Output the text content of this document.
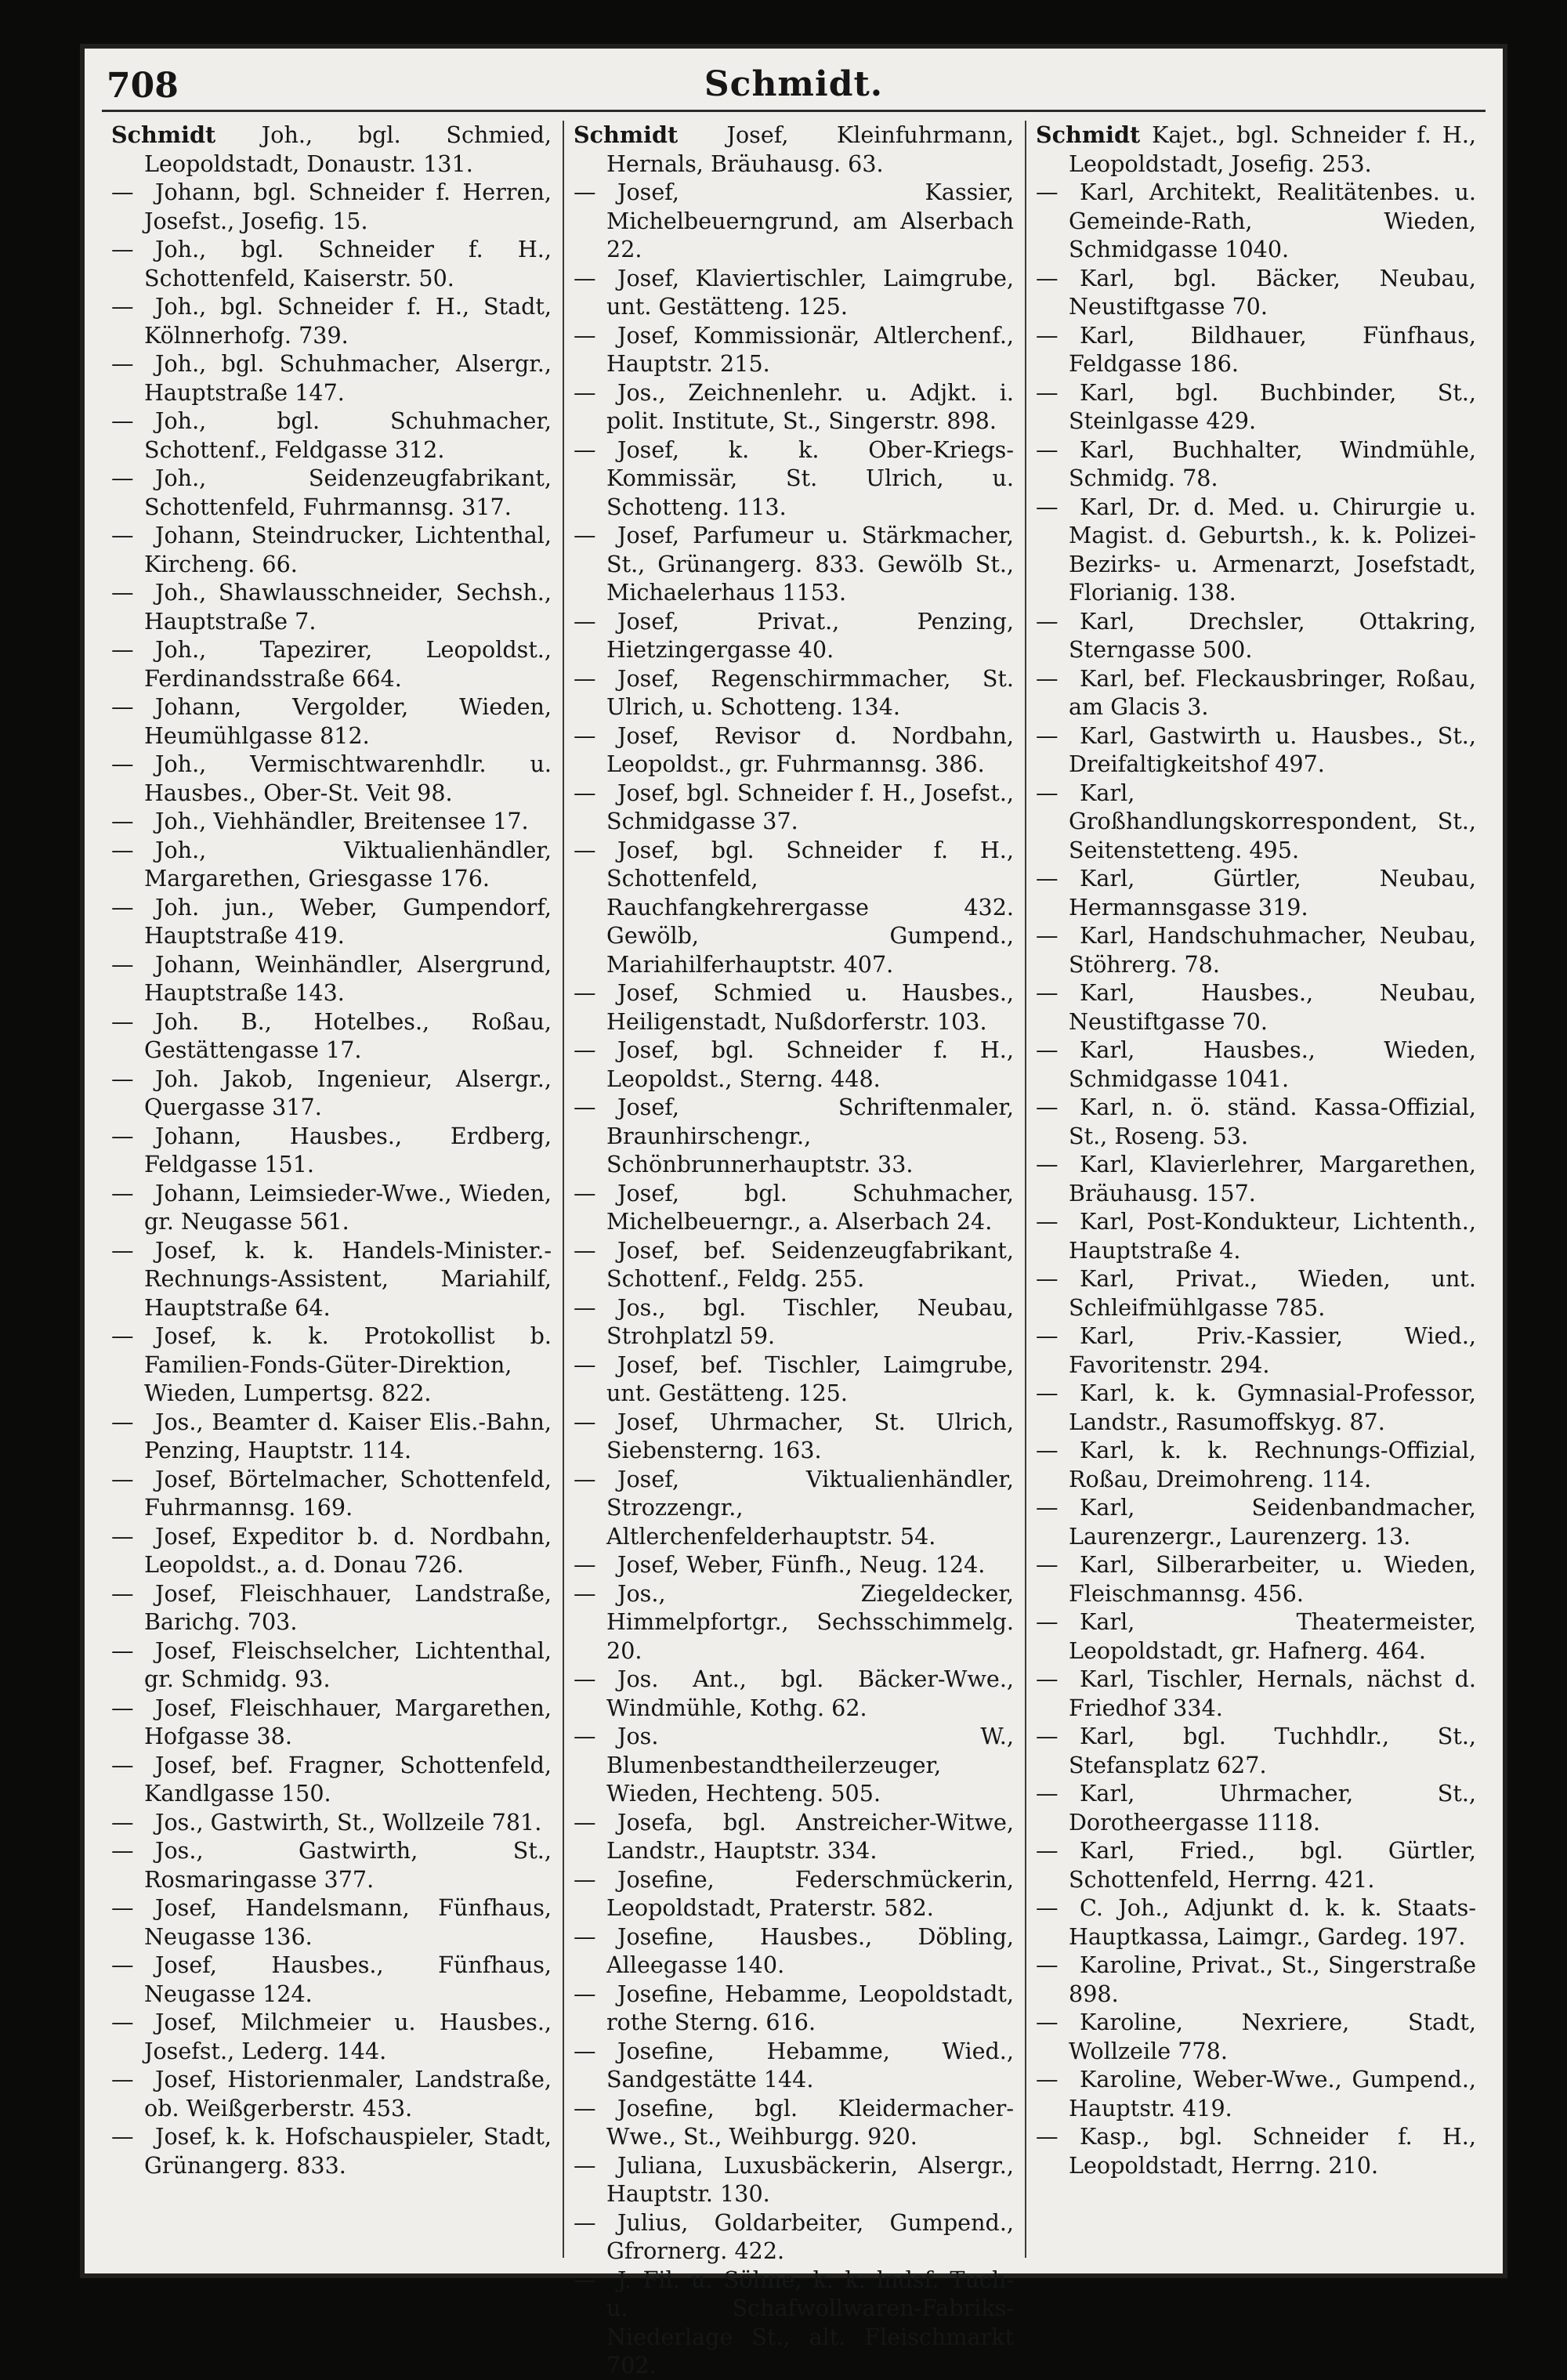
708	Schmidt.
Schmidt Joh., bgl. Schmied, Leopoldstadt, Donaustr. 131.
— Johann, bgl. Schneider f. Herren, Josefst., Josefig. 15.
— Joh., bgl. Schneider f. H., Schottenfeld, Kaiserstr. 50.
— Joh., bgl. Schneider f. H., Stadt, Kölnnerhofg. 739.
— Joh., bgl. Schuhmacher, Alsergr., Hauptstraße 147.
— Joh., bgl. Schuhmacher, Schottenf., Feldgasse 312.
— Joh., Seidenzeugfabrikant, Schottenfeld, Fuhrmannsg. 317.
— Johann, Steindrucker, Lichtenthal, Kircheng. 66.
— Joh., Shawlausschneider, Sechsh., Hauptstraße 7.
— Joh., Tapezirer, Leopoldst., Ferdinandsstraße 664.
— Johann, Vergolder, Wieden, Heumühlgasse 812.
— Joh., Vermischtwarenhdlr. u. Hausbes., Ober-St. Veit 98.
— Joh., Viehhändler, Breitensee 17.
— Joh., Viktualienhändler, Margarethen, Griesgasse 176.
— Joh. jun., Weber, Gumpendorf, Hauptstraße 419.
— Johann, Weinhändler, Alsergrund, Hauptstraße 143.
— Joh. B., Hotelbes., Roßau, Gestättengasse 17.
— Joh. Jakob, Ingenieur, Alsergr., Quergasse 317.
— Johann, Hausbes., Erdberg, Feldgasse 151.
— Johann, Leimsieder-Wwe., Wieden, gr. Neugasse 561.
— Josef, k. k. Handels-Minister.-Rechnungs-Assistent, Mariahilf, Hauptstraße 64.
— Josef, k. k. Protokollist b. Familien-Fonds-Güter-Direktion, Wieden, Lumpertsg. 822.
— Jos., Beamter d. Kaiser Elis.-Bahn, Penzing, Hauptstr. 114.
— Josef, Börtelmacher, Schottenfeld, Fuhrmannsg. 169.
— Josef, Expeditor b. d. Nordbahn, Leopoldst., a. d. Donau 726.
— Josef, Fleischhauer, Landstraße, Barichg. 703.
— Josef, Fleischselcher, Lichtenthal, gr. Schmidg. 93.
— Josef, Fleischhauer, Margarethen, Hofgasse 38.
— Josef, bef. Fragner, Schottenfeld, Kandlgasse 150.
— Jos., Gastwirth, St., Wollzeile 781.
— Jos., Gastwirth, St., Rosmaringasse 377.
— Josef, Handelsmann, Fünfhaus, Neugasse 136.
— Josef, Hausbes., Fünfhaus, Neugasse 124.
— Josef, Milchmeier u. Hausbes., Josefst., Lederg. 144.
— Josef, Historienmaler, Landstraße, ob. Weißgerberstr. 453.
— Josef, k. k. Hofschauspieler, Stadt, Grünangerg. 833.
Schmidt Josef, Kleinfuhrmann, Hernals, Bräuhausg. 63.
— Josef, Kassier, Michelbeuerngrund, am Alserbach 22.
— Josef, Klaviertischler, Laimgrube, unt. Gestätteng. 125.
— Josef, Kommissionär, Altlerchenf., Hauptstr. 215.
— Jos., Zeichnenlehr. u. Adjkt. i. polit. Institute, St., Singerstr. 898.
— Josef, k. k. Ober-Kriegs-Kommissär, St. Ulrich, u. Schotteng. 113.
— Josef, Parfumeur u. Stärkmacher, St., Grünangerg. 833. Gewölb St., Michaelerhaus 1153.
— Josef, Privat., Penzing, Hietzingergasse 40.
— Josef, Regenschirmmacher, St. Ulrich, u. Schotteng. 134.
— Josef, Revisor d. Nordbahn, Leopoldst., gr. Fuhrmannsg. 386.
— Josef, bgl. Schneider f. H., Josefst., Schmidgasse 37.
— Josef, bgl. Schneider f. H., Schottenfeld, Rauchfangkehrergasse 432. Gewölb, Gumpend., Mariahilferhauptstr. 407.
— Josef, Schmied u. Hausbes., Heiligenstadt, Nußdorferstr. 103.
— Josef, bgl. Schneider f. H., Leopoldst., Sterng. 448.
— Josef, Schriftenmaler, Braunhirschengr., Schönbrunnerhauptstr. 33.
— Josef, bgl. Schuhmacher, Michelbeuerngr., a. Alserbach 24.
— Josef, bef. Seidenzeugfabrikant, Schottenf., Feldg. 255.
— Jos., bgl. Tischler, Neubau, Strohplatzl 59.
— Josef, bef. Tischler, Laimgrube, unt. Gestätteng. 125.
— Josef, Uhrmacher, St. Ulrich, Siebensterng. 163.
— Josef, Viktualienhändler, Strozzengr., Altlerchenfelderhauptstr. 54.
— Josef, Weber, Fünfh., Neug. 124.
— Jos., Ziegeldecker, Himmelpfortgr., Sechsschimmelg. 20.
— Jos. Ant., bgl. Bäcker-Wwe., Windmühle, Kothg. 62.
— Jos. W., Blumenbestandtheilerzeuger, Wieden, Hechteng. 505.
— Josefa, bgl. Anstreicher-Witwe, Landstr., Hauptstr. 334.
— Josefine, Federschmückerin, Leopoldstadt, Praterstr. 582.
— Josefine, Hausbes., Döbling, Alleegasse 140.
— Josefine, Hebamme, Leopoldstadt, rothe Sterng. 616.
— Josefine, Hebamme, Wied., Sandgestätte 144.
— Josefine, bgl. Kleidermacher-Wwe., St., Weihburgg. 920.
— Juliana, Luxusbäckerin, Alsergr., Hauptstr. 130.
— Julius, Goldarbeiter, Gumpend., Gfrornerg. 422.
— J. Fil. u. Söhne, k. k. lndsf. Tuch- u. Schafwollwaren-Fabriks-Niederlage St., alt. Fleischmarkt 702.
Schmidt Kajet., bgl. Schneider f. H., Leopoldstadt, Josefig. 253.
— Karl, Architekt, Realitätenbes. u. Gemeinde-Rath, Wieden, Schmidgasse 1040.
— Karl, bgl. Bäcker, Neubau, Neustiftgasse 70.
— Karl, Bildhauer, Fünfhaus, Feldgasse 186.
— Karl, bgl. Buchbinder, St., Steinlgasse 429.
— Karl, Buchhalter, Windmühle, Schmidg. 78.
— Karl, Dr. d. Med. u. Chirurgie u. Magist. d. Geburtsh., k. k. Polizei-Bezirks- u. Armenarzt, Josefstadt, Florianig. 138.
— Karl, Drechsler, Ottakring, Sterngasse 500.
— Karl, bef. Fleckausbringer, Roßau, am Glacis 3.
— Karl, Gastwirth u. Hausbes., St., Dreifaltigkeitshof 497.
— Karl, Großhandlungskorrespondent, St., Seitenstetteng. 495.
— Karl, Gürtler, Neubau, Hermannsgasse 319.
— Karl, Handschuhmacher, Neubau, Stöhrerg. 78.
— Karl, Hausbes., Neubau, Neustiftgasse 70.
— Karl, Hausbes., Wieden, Schmidgasse 1041.
— Karl, n. ö. ständ. Kassa-Offizial, St., Roseng. 53.
— Karl, Klavierlehrer, Margarethen, Bräuhausg. 157.
— Karl, Post-Kondukteur, Lichtenth., Hauptstraße 4.
— Karl, Privat., Wieden, unt. Schleifmühlgasse 785.
— Karl, Priv.-Kassier, Wied., Favoritenstr. 294.
— Karl, k. k. Gymnasial-Professor, Landstr., Rasumoffskyg. 87.
— Karl, k. k. Rechnungs-Offizial, Roßau, Dreimohreng. 114.
— Karl, Seidenbandmacher, Laurenzergr., Laurenzerg. 13.
— Karl, Silberarbeiter, u. Wieden, Fleischmannsg. 456.
— Karl, Theatermeister, Leopoldstadt, gr. Hafnerg. 464.
— Karl, Tischler, Hernals, nächst d. Friedhof 334.
— Karl, bgl. Tuchhdlr., St., Stefansplatz 627.
— Karl, Uhrmacher, St., Dorotheergasse 1118.
— Karl, Fried., bgl. Gürtler, Schottenfeld, Herrng. 421.
— C. Joh., Adjunkt d. k. k. Staats-Hauptkassa, Laimgr., Gardeg. 197.
— Karoline, Privat., St., Singerstraße 898.
— Karoline, Nexriere, Stadt, Wollzeile 778.
— Karoline, Weber-Wwe., Gumpend., Hauptstr. 419.
— Kasp., bgl. Schneider f. H., Leopoldstadt, Herrng. 210.
